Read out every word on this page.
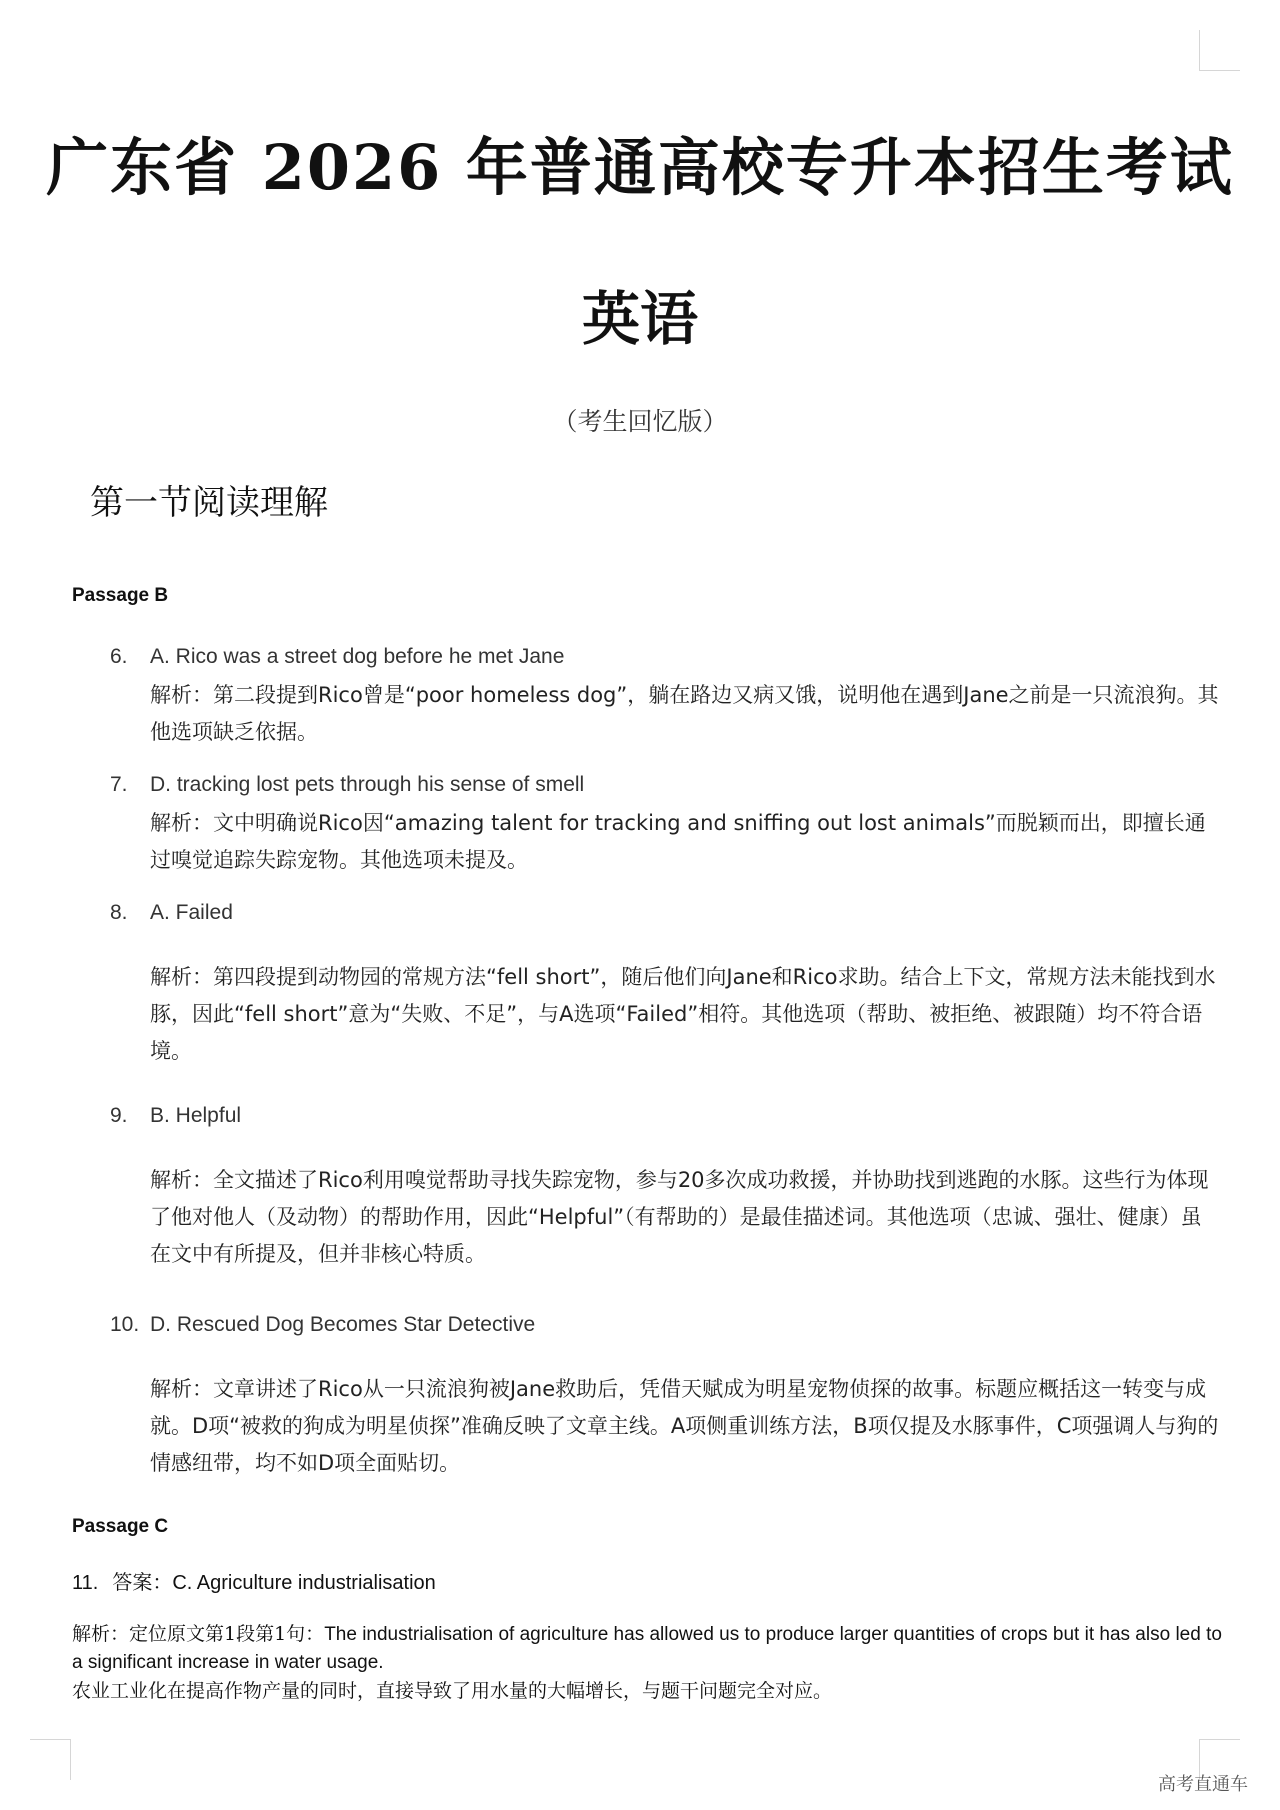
广东省 2026 年普通高校专升本招生考试
英语
（考生回忆版）
第一节阅读理解
Passage B
6. A. Rico was a street dog before he met Jane
解析：第二段提到Rico曾是“poor homeless dog”，躺在路边又病又饿，说明他在遇到Jane之前是一只流浪狗。其他选项缺乏依据。
7. D. tracking lost pets through his sense of smell
解析：文中明确说Rico因“amazing talent for tracking and sniffing out lost animals”而脱颖而出，即擅长通过嗅觉追踪失踪宠物。其他选项未提及。
8. A. Failed
解析：第四段提到动物园的常规方法“fell short”，随后他们向Jane和Rico求助。结合上下文，常规方法未能找到水豚，因此“fell short”意为“失败、不足”，与A选项“Failed”相符。其他选项（帮助、被拒绝、被跟随）均不符合语境。
9. B. Helpful
解析：全文描述了Rico利用嗅觉帮助寻找失踪宠物，参与20多次成功救援，并协助找到逃跑的水豚。这些行为体现了他对他人（及动物）的帮助作用，因此“Helpful”（有帮助的）是最佳描述词。其他选项（忠诚、强壮、健康）虽在文中有所提及，但并非核心特质。
10. D. Rescued Dog Becomes Star Detective
解析：文章讲述了Rico从一只流浪狗被Jane救助后，凭借天赋成为明星宠物侦探的故事。标题应概括这一转变与成就。D项“被救的狗成为明星侦探”准确反映了文章主线。A项侧重训练方法，B项仅提及水豚事件，C项强调人与狗的情感纽带，均不如D项全面贴切。
Passage C
11. 答案：C. Agriculture industrialisation
解析：定位原文第1段第1句：The industrialisation of agriculture has allowed us to produce larger quantities of crops but it has also led to a significant increase in water usage.
农业工业化在提高作物产量的同时，直接导致了用水量的大幅增长，与题干问题完全对应。
高考直通车
